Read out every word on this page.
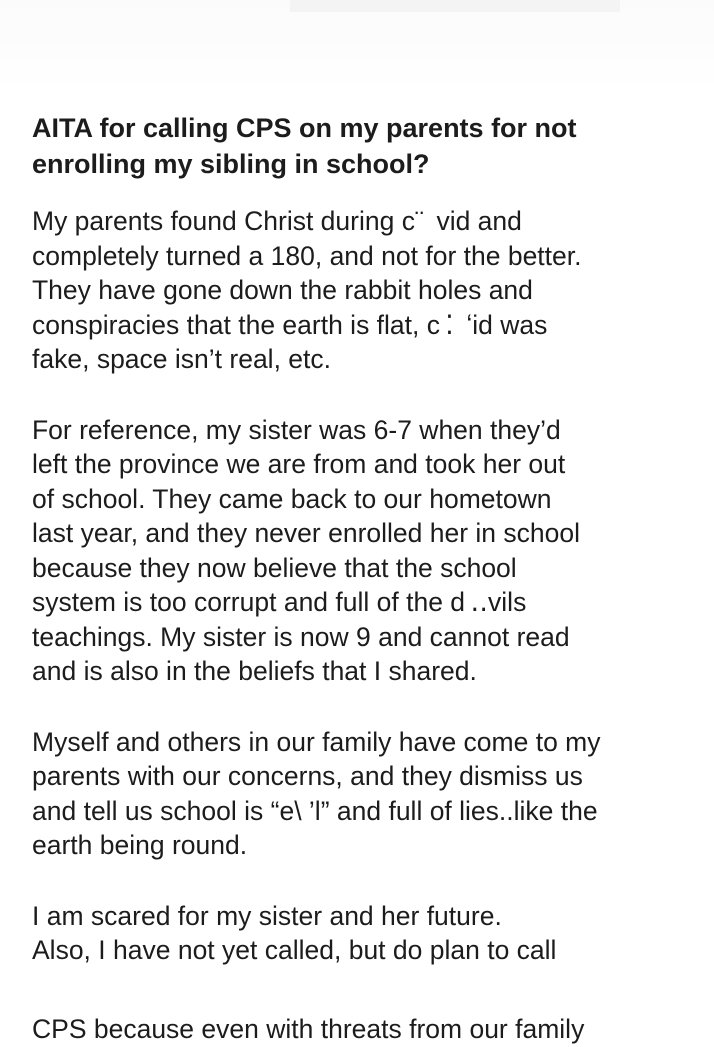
AITA for calling CPS on my parents for not
enrolling my sibling in school?

My parents found Christ during c¨  vid and
completely turned a 180, and not for the better.
They have gone down the rabbit holes and
conspiracies that the earth is flat, c ⁚  ʻid was
fake, space isn’t real, etc.

For reference, my sister was 6-7 when they’d
left the province we are from and took her out
of school. They came back to our hometown
last year, and they never enrolled her in school
because they now believe that the school
system is too corrupt and full of the d ‥vils
teachings. My sister is now 9 and cannot read
and is also in the beliefs that I shared.

Myself and others in our family have come to my
parents with our concerns, and they dismiss us
and tell us school is “e\ ’l” and full of lies..like the
earth being round.

I am scared for my sister and her future.
Also, I have not yet called, but do plan to call

CPS because even with threats from our family
